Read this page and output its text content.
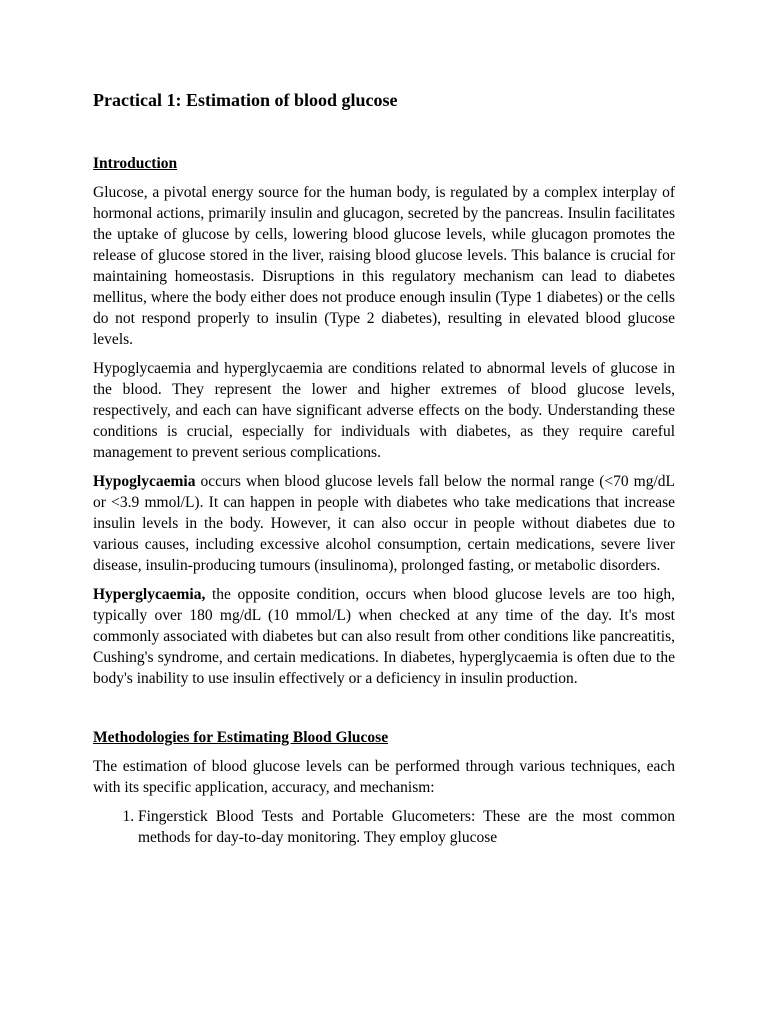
Practical 1: Estimation of blood glucose
Introduction

Glucose, a pivotal energy source for the human body, is regulated by a complex interplay of hormonal actions, primarily insulin and glucagon, secreted by the pancreas. Insulin facilitates the uptake of glucose by cells, lowering blood glucose levels, while glucagon promotes the release of glucose stored in the liver, raising blood glucose levels. This balance is crucial for maintaining homeostasis. Disruptions in this regulatory mechanism can lead to diabetes mellitus, where the body either does not produce enough insulin (Type 1 diabetes) or the cells do not respond properly to insulin (Type 2 diabetes), resulting in elevated blood glucose levels.

Hypoglycaemia and hyperglycaemia are conditions related to abnormal levels of glucose in the blood. They represent the lower and higher extremes of blood glucose levels, respectively, and each can have significant adverse effects on the body. Understanding these conditions is crucial, especially for individuals with diabetes, as they require careful management to prevent serious complications.

Hypoglycaemia occurs when blood glucose levels fall below the normal range (<70 mg/dL or <3.9 mmol/L). It can happen in people with diabetes who take medications that increase insulin levels in the body. However, it can also occur in people without diabetes due to various causes, including excessive alcohol consumption, certain medications, severe liver disease, insulin-producing tumours (insulinoma), prolonged fasting, or metabolic disorders.

Hyperglycaemia, the opposite condition, occurs when blood glucose levels are too high, typically over 180 mg/dL (10 mmol/L) when checked at any time of the day. It's most commonly associated with diabetes but can also result from other conditions like pancreatitis, Cushing's syndrome, and certain medications. In diabetes, hyperglycaemia is often due to the body's inability to use insulin effectively or a deficiency in insulin production.

Methodologies for Estimating Blood Glucose

The estimation of blood glucose levels can be performed through various techniques, each with its specific application, accuracy, and mechanism:

1. Fingerstick Blood Tests and Portable Glucometers: These are the most common methods for day-to-day monitoring. They employ glucose
